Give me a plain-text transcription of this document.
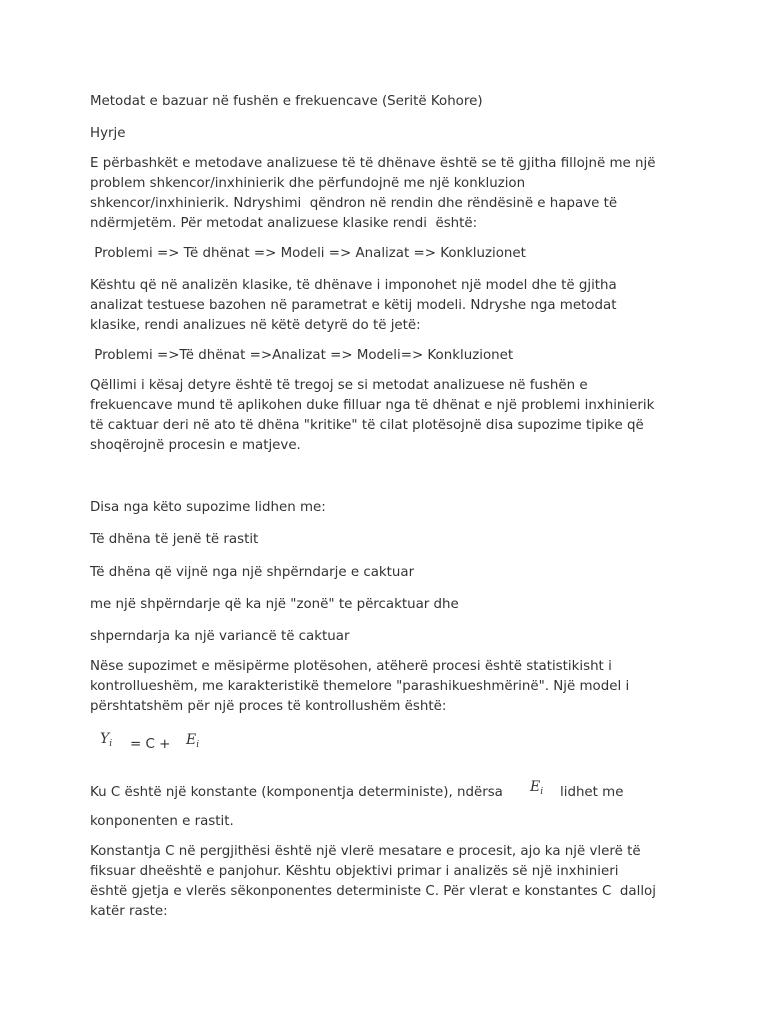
Metodat e bazuar në fushën e frekuencave (Seritë Kohore)

Hyrje

E përbashkët e metodave analizuese të të dhënave është se të gjitha fillojnë me një
problem shkencor/inxhinierik dhe përfundojnë me një konkluzion
shkencor/inxhinierik. Ndryshimi  qëndron në rendin dhe rëndësinë e hapave të
ndërmjetëm. Për metodat analizuese klasike rendi  është:

Problemi => Të dhënat => Modeli => Analizat => Konkluzionet

Kështu që në analizën klasike, të dhënave i imponohet një model dhe të gjitha
analizat testuese bazohen në parametrat e këtij modeli. Ndryshe nga metodat
klasike, rendi analizues në këtë detyrë do të jetë:

Problemi =>Të dhënat =>Analizat => Modeli=> Konkluzionet

Qëllimi i kësaj detyre është të tregoj se si metodat analizuese në fushën e
frekuencave mund të aplikohen duke filluar nga të dhënat e një problemi inxhinierik
të caktuar deri në ato të dhëna "kritike" të cilat plotësojnë disa supozime tipike që
shoqërojnë procesin e matjeve.

Disa nga këto supozime lidhen me:

Të dhëna të jenë të rastit

Të dhëna që vijnë nga një shpërndarje e caktuar

me një shpërndarje që ka një "zonë" te përcaktuar dhe

shperndarja ka një variancë të caktuar

Nëse supozimet e mësipërme plotësohen, atëherë procesi është statistikisht i
kontrollueshëm, me karakteristikë themelore "parashikueshmërinë". Një model i
përshtatshëm për një proces të kontrollushëm është:

$Y_i = C + E_i$
Ku C është një konstante (komponentja deterministe), ndërsa $E_i$ lidhet me

konponenten e rastit.

Konstantja C në pergjithësi është një vlerë mesatare e procesit, ajo ka një vlerë të
fiksuar dheështë e panjohur. Kështu objektivi primar i analizës së një inxhinieri
është gjetja e vlerës sëkonponentes deterministe C. Për vlerat e konstantes C  dalloj
katër raste:
